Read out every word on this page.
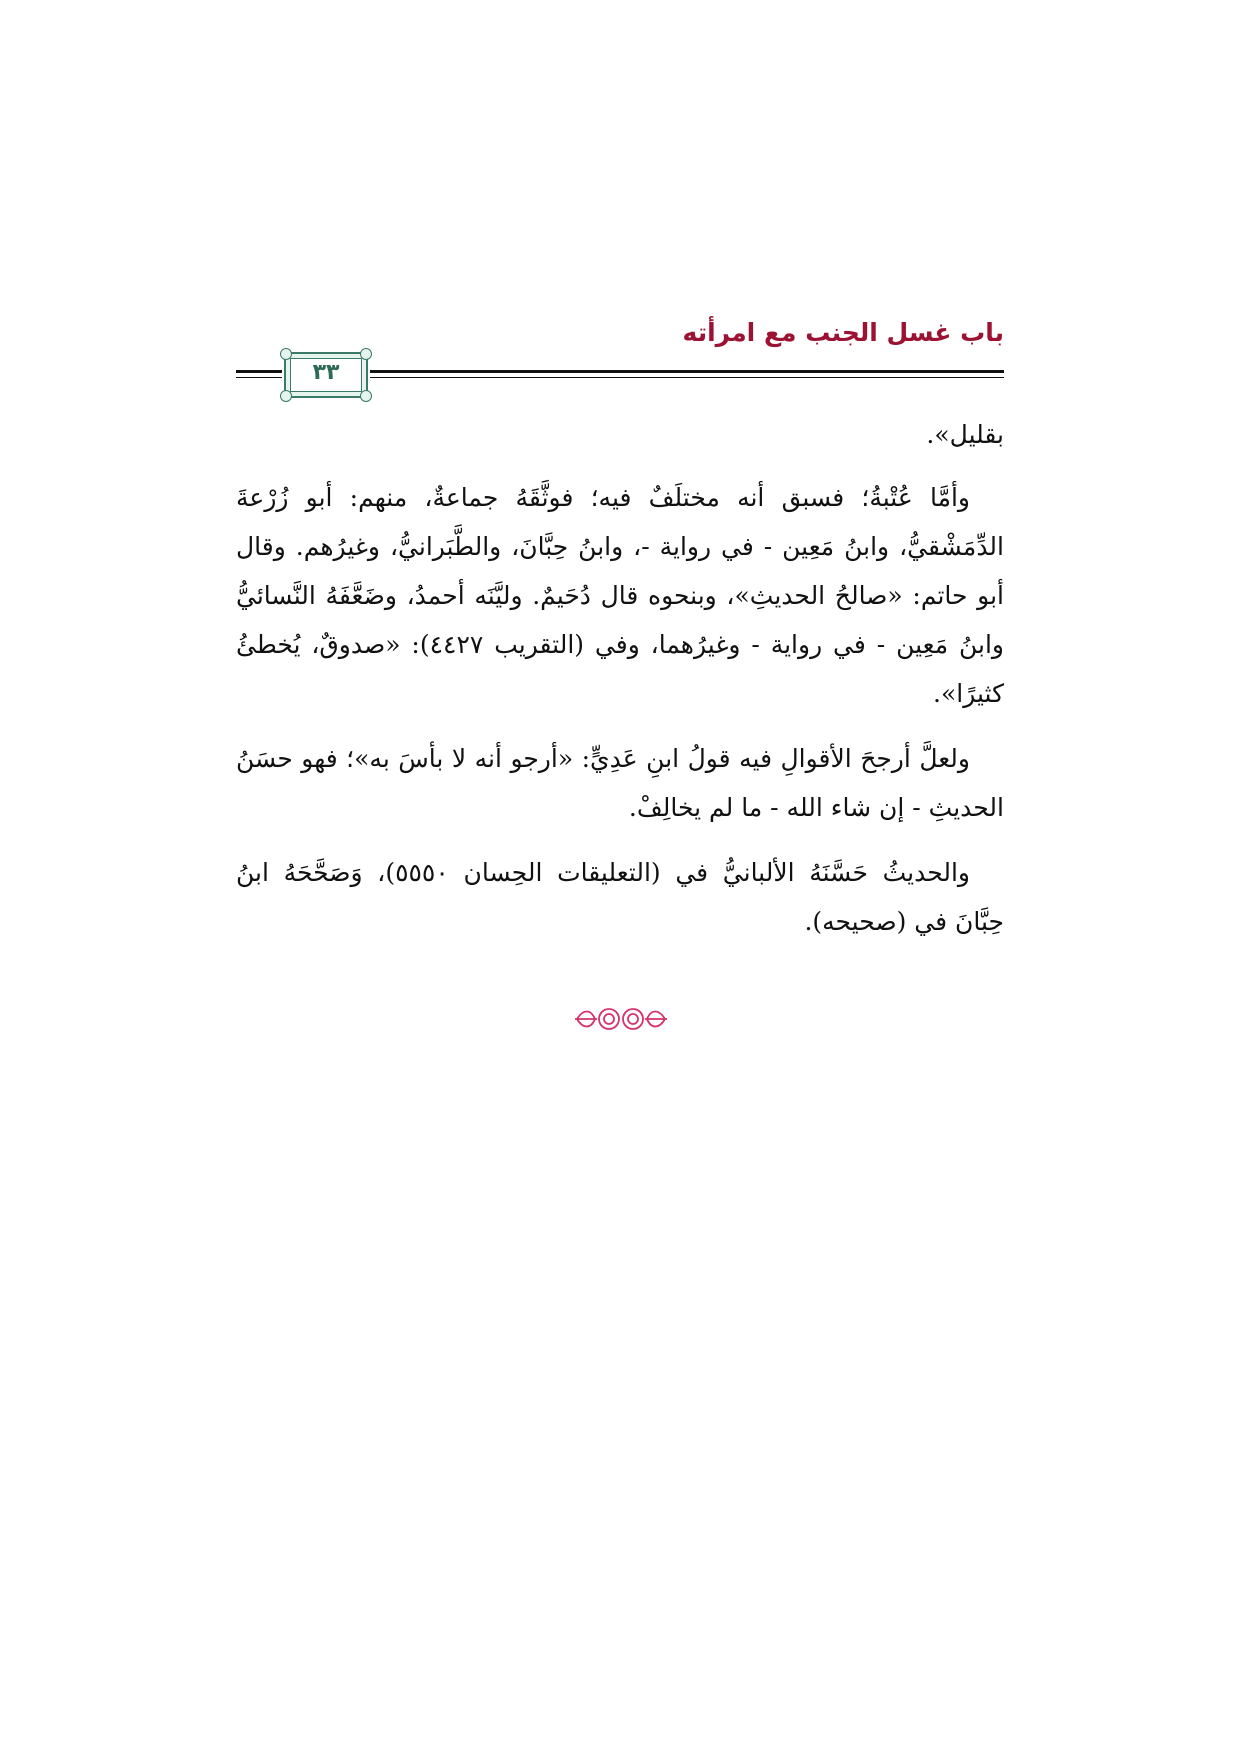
باب غسل الجنب مع امرأته
٣٣

بقليل».

وأمَّا عُتْبةُ؛ فسبق أنه مختلَفٌ فيه؛ فوثَّقَهُ جماعةٌ، منهم: أبو زُرْعةَ الدِّمَشْقيُّ، وابنُ مَعِين - في رواية -، وابنُ حِبَّانَ، والطَّبَرانيُّ، وغيرُهم. وقال أبو حاتم: «صالحُ الحديثِ»، وبنحوه قال دُحَيمٌ. وليَّنَه أحمدُ، وضَعَّفَهُ النَّسائيُّ وابنُ مَعِين - في رواية - وغيرُهما، وفي (التقريب ٤٤٢٧): «صدوقٌ، يُخطئُ كثيرًا».

ولعلَّ أرجحَ الأقوالِ فيه قولُ ابنِ عَدِيٍّ: «أرجو أنه لا بأسَ به»؛ فهو حسَنُ الحديثِ - إن شاء الله - ما لم يخالِفْ.

والحديثُ حَسَّنَهُ الألبانيُّ في (التعليقات الحِسان ٥٥٥٠)، وَصَحَّحَهُ ابنُ حِبَّانَ في (صحيحه).
